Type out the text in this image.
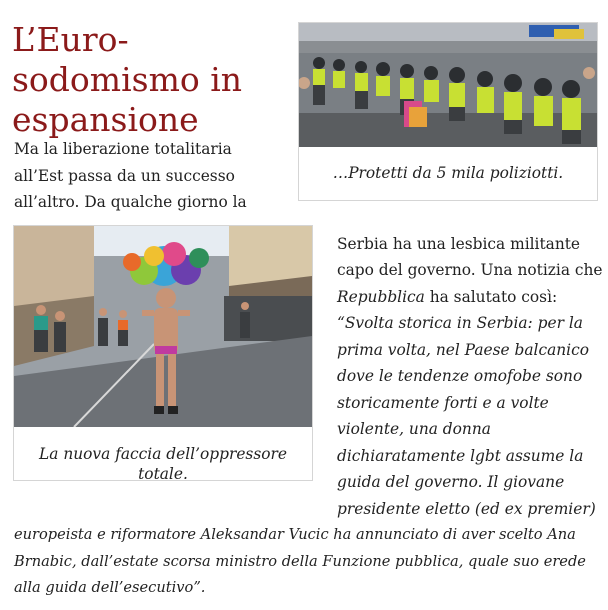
L’Euro-sodomismo in espansione
Ma la liberazione totalitaria
all’Est passa da un successo
all’altro. Da qualche giorno la
…Protetti da 5 mila poliziotti.
La nuova faccia dell’oppressore totale.
Serbia ha una lesbica militante
capo del governo. Una notizia che
Repubblica ha salutato così:
“Svolta storica in Serbia: per la
prima volta, nel Paese balcanico
dove le tendenze omofobe sono
storicamente forti e a volte
violente, una donna
dichiaratamente lgbt assume la
guida del governo. Il giovane
presidente eletto (ed ex premier)
europeista e riformatore Aleksandar Vucic ha annunciato di aver scelto Ana
Brnabic, dall’estate scorsa ministro della Funzione pubblica, quale suo erede
alla guida dell’esecutivo”.
